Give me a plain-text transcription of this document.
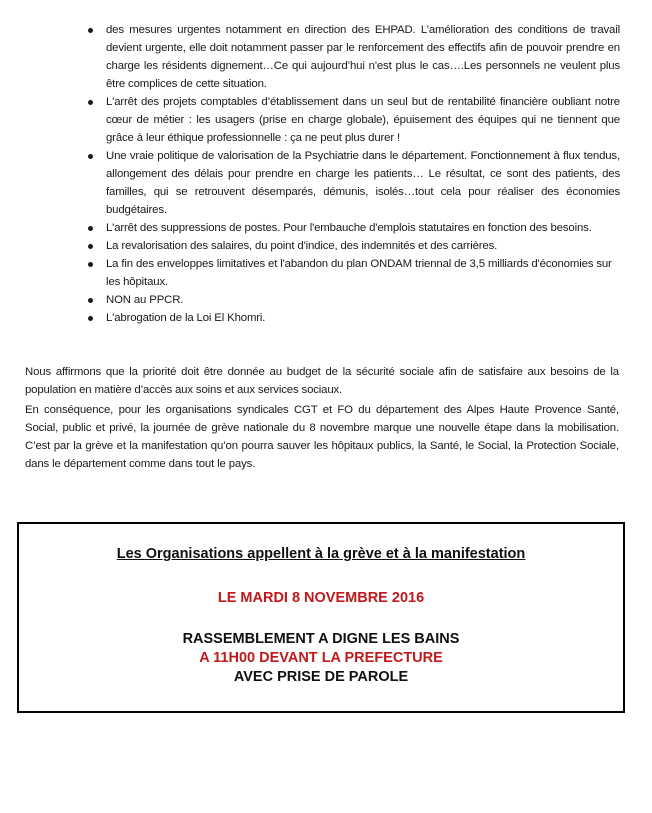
des mesures urgentes notamment en direction des EHPAD. L’amélioration des conditions de travail devient urgente, elle doit notamment passer par le renforcement des effectifs afin de pouvoir prendre en charge les résidents dignement…Ce qui aujourd’hui n'est plus le cas….Les personnels ne veulent plus être complices de cette situation.
L'arrêt des projets comptables d’établissement dans un seul but de rentabilité financière oubliant notre cœur de métier : les usagers (prise en charge globale), épuisement des équipes qui ne tiennent que grâce à leur éthique professionnelle : ça ne peut plus durer !
Une vraie politique de valorisation de la Psychiatrie dans le département. Fonctionnement à flux tendus, allongement des délais pour prendre en charge les patients… Le résultat, ce sont des patients, des familles, qui se retrouvent désemparés, démunis, isolés…tout cela pour réaliser des économies budgétaires.
L'arrêt des suppressions de postes. Pour l'embauche d'emplois statutaires en fonction des besoins.
La revalorisation des salaires, du point d'indice, des indemnités et des carrières.
La fin des enveloppes limitatives et l'abandon du plan ONDAM triennal de 3,5 milliards d'économies sur les hôpitaux.
NON au PPCR.
L'abrogation de la Loi El Khomri.

Nous affirmons que la priorité doit être donnée au budget de la sécurité sociale afin de satisfaire aux besoins de la population en matière d’accès aux soins et aux services sociaux.

En conséquence, pour les organisations syndicales CGT et FO du département des Alpes Haute Provence Santé, Social, public et privé, la journée de grève nationale du 8 novembre marque une nouvelle étape dans la mobilisation. C’est par la grève et la manifestation qu’on pourra sauver les hôpitaux publics, la Santé, le Social, la Protection Sociale, dans le département comme dans tout le pays.

Les Organisations appellent à la grève et à la manifestation
LE MARDI 8 NOVEMBRE 2016
RASSEMBLEMENT A DIGNE LES BAINS
A 11H00 DEVANT LA PREFECTURE
AVEC PRISE DE PAROLE
